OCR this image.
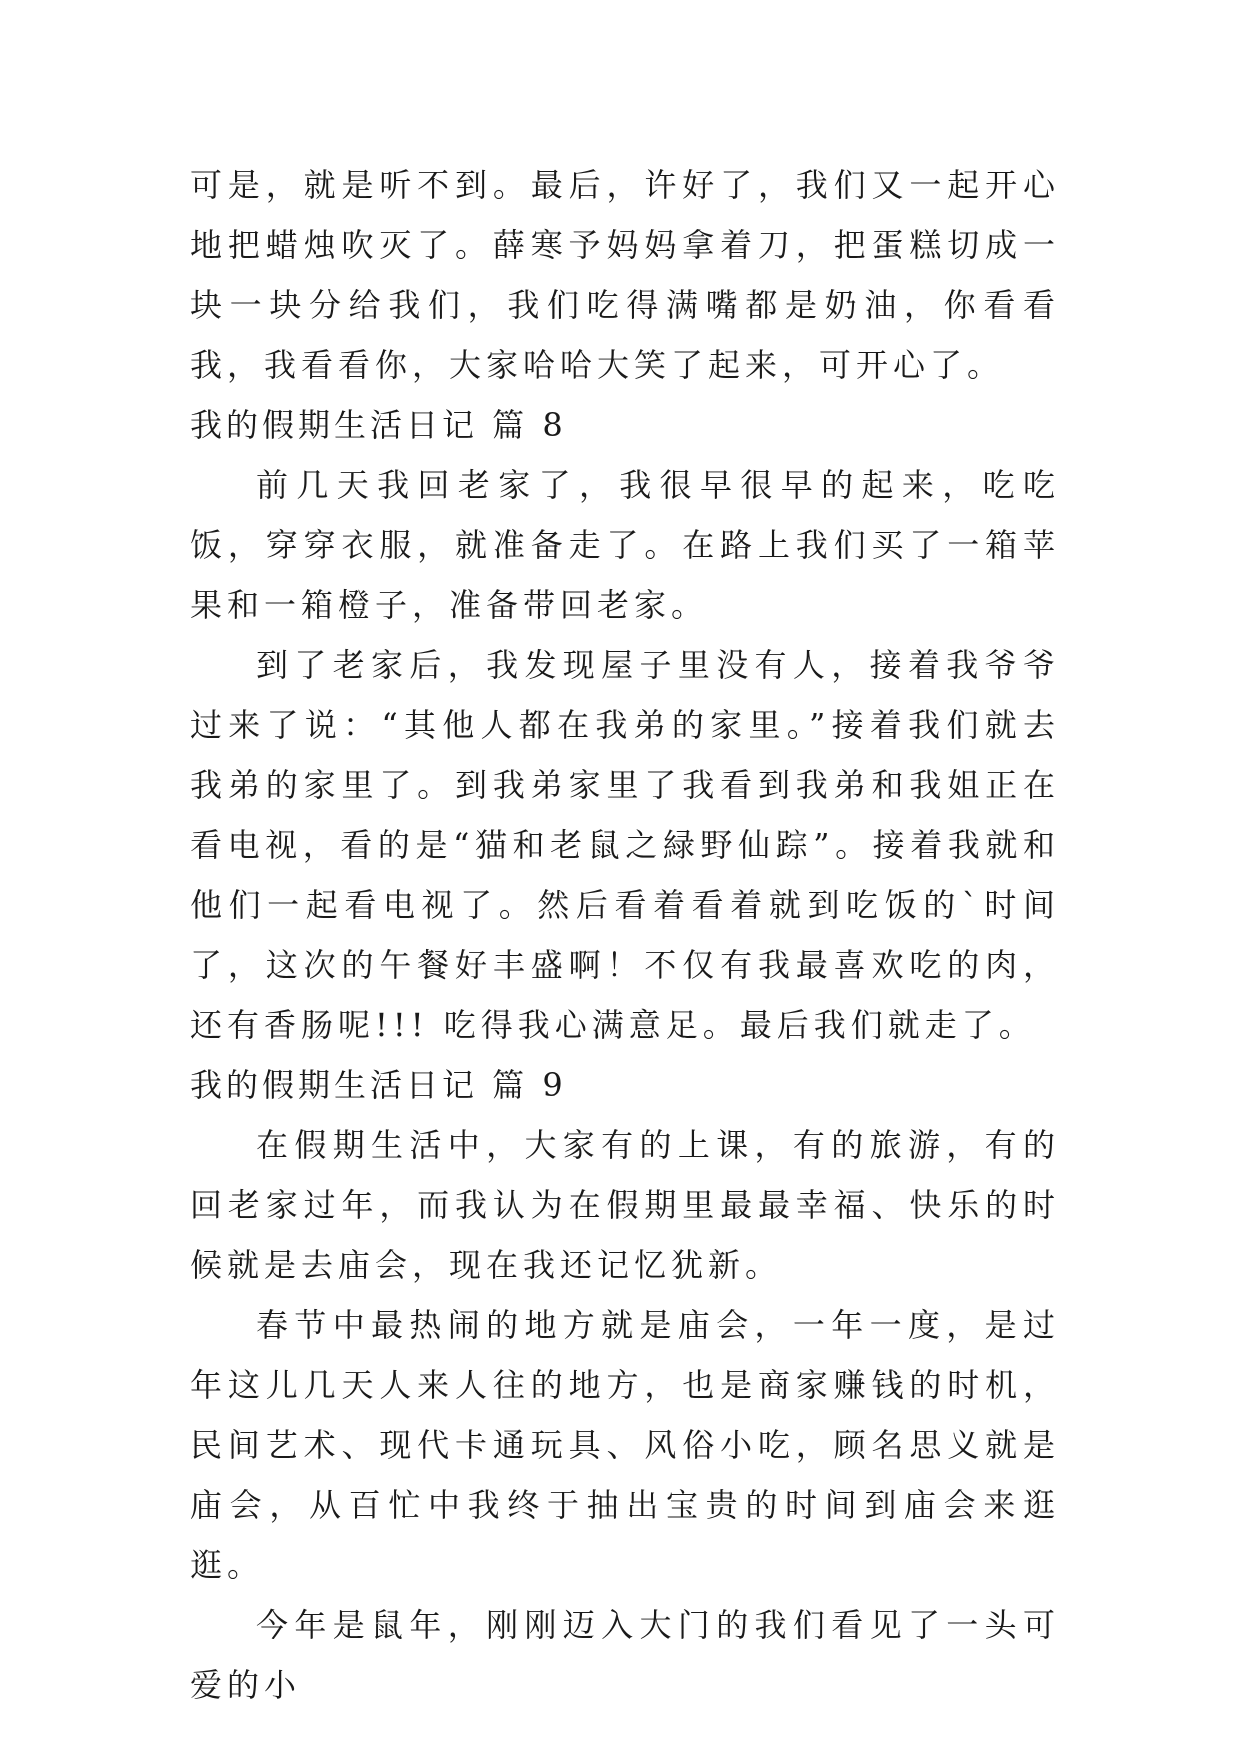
可是，就是听不到。最后，许好了，我们又一起开心地把蜡烛吹灭了。薛寒予妈妈拿着刀，把蛋糕切成一块一块分给我们，我们吃得满嘴都是奶油，你看看我，我看看你，大家哈哈大笑了起来，可开心了。

我的假期生活日记 篇 8

前几天我回老家了，我很早很早的起来，吃吃饭，穿穿衣服，就准备走了。在路上我们买了一箱苹果和一箱橙子，准备带回老家。

到了老家后，我发现屋子里没有人，接着我爷爷过来了说：“其他人都在我弟的家里。”接着我们就去我弟的家里了。到我弟家里了我看到我弟和我姐正在看电视，看的是“猫和老鼠之緑野仙踪”。接着我就和他们一起看电视了。然后看着看着就到吃饭的`时间了，这次的午餐好丰盛啊！不仅有我最喜欢吃的肉，还有香肠呢!!! 吃得我心满意足。最后我们就走了。

我的假期生活日记 篇 9

在假期生活中，大家有的上课，有的旅游，有的回老家过年，而我认为在假期里最最幸福、快乐的时候就是去庙会，现在我还记忆犹新。

春节中最热闹的地方就是庙会，一年一度，是过年这儿几天人来人往的地方，也是商家赚钱的时机，民间艺术、现代卡通玩具、风俗小吃，顾名思义就是庙会，从百忙中我终于抽出宝贵的时间到庙会来逛逛。

今年是鼠年，刚刚迈入大门的我们看见了一头可爱的小
